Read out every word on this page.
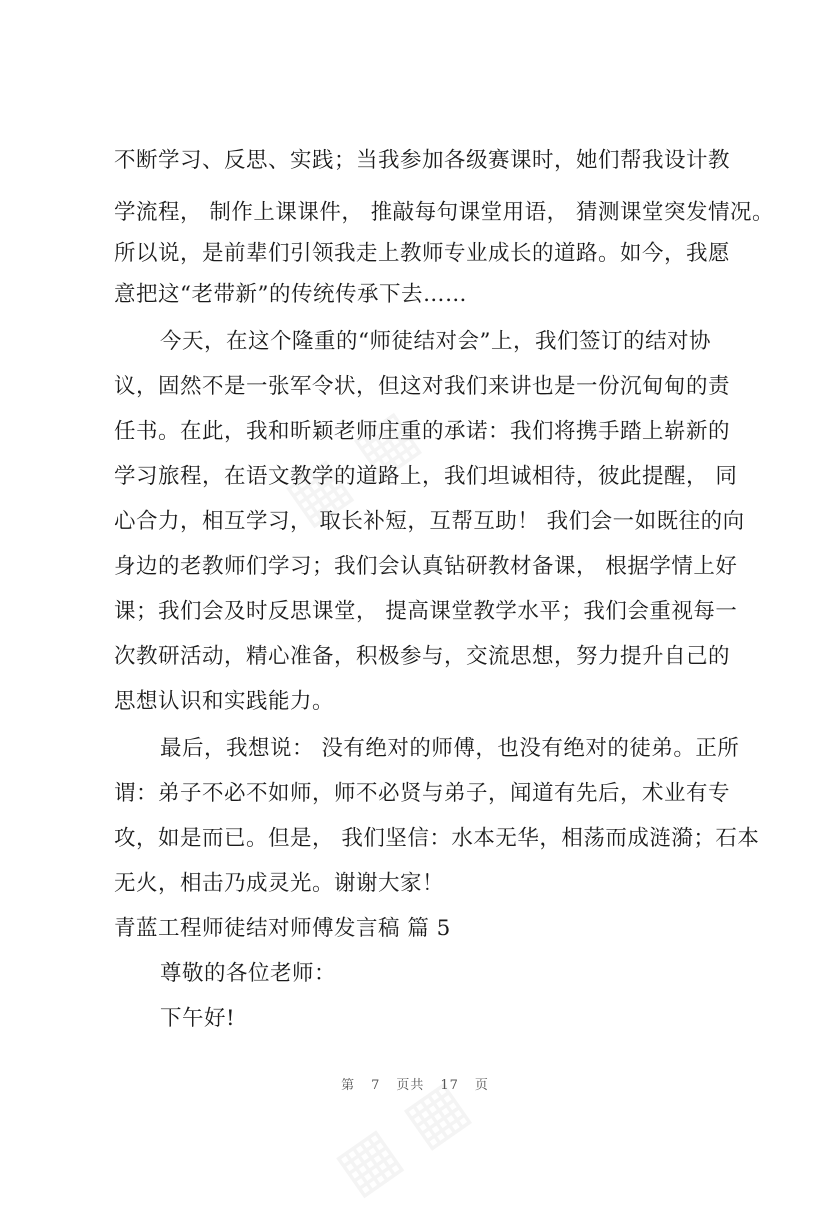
不断学习、反思、实践；当我参加各级赛课时，她们帮我设计教
学流程， 制作上课课件， 推敲每句课堂用语， 猜测课堂突发情况。
所以说，是前辈们引领我走上教师专业成长的道路。如今，我愿
意把这“老带新”的传统传承下去……
今天，在这个隆重的“师徒结对会”上，我们签订的结对协
议，固然不是一张军令状，但这对我们来讲也是一份沉甸甸的责
任书。在此，我和昕颖老师庄重的承诺：我们将携手踏上崭新的
学习旅程，在语文教学的道路上，我们坦诚相待，彼此提醒， 同
心合力，相互学习， 取长补短，互帮互助！ 我们会一如既往的向
身边的老教师们学习；我们会认真钻研教材备课， 根据学情上好
课；我们会及时反思课堂， 提高课堂教学水平；我们会重视每一
次教研活动，精心准备，积极参与，交流思想，努力提升自己的
思想认识和实践能力。
最后，我想说： 没有绝对的师傅，也没有绝对的徒弟。正所
谓：弟子不必不如师，师不必贤与弟子，闻道有先后，术业有专
攻，如是而已。但是， 我们坚信：水本无华，相荡而成涟漪；石本
无火，相击乃成灵光。谢谢大家！
青蓝工程师徒结对师傅发言稿 篇 5
尊敬的各位老师：
下午好!
第 7 页共 17 页
